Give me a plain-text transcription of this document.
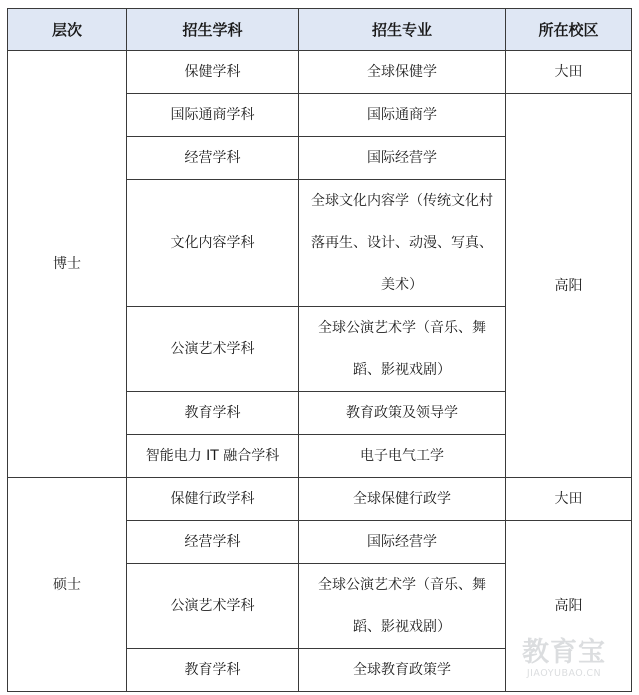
层次	招生学科	招生专业	所在校区
博士	保健学科	全球保健学	大田
	国际通商学科	国际通商学	高阳
	经营学科	国际经营学	
	文化内容学科	全球文化内容学（传统文化村落再生、设计、动漫、写真、美术）	
	公演艺术学科	全球公演艺术学（音乐、舞蹈、影视戏剧）	
	教育学科	教育政策及领导学	
	智能电力 IT 融合学科	电子电气工学	
硕士	保健行政学科	全球保健行政学	大田
	经营学科	国际经营学	高阳
	公演艺术学科	全球公演艺术学（音乐、舞蹈、影视戏剧）	
	教育学科	全球教育政策学	
教育宝
JIAOYUBAO.CN
